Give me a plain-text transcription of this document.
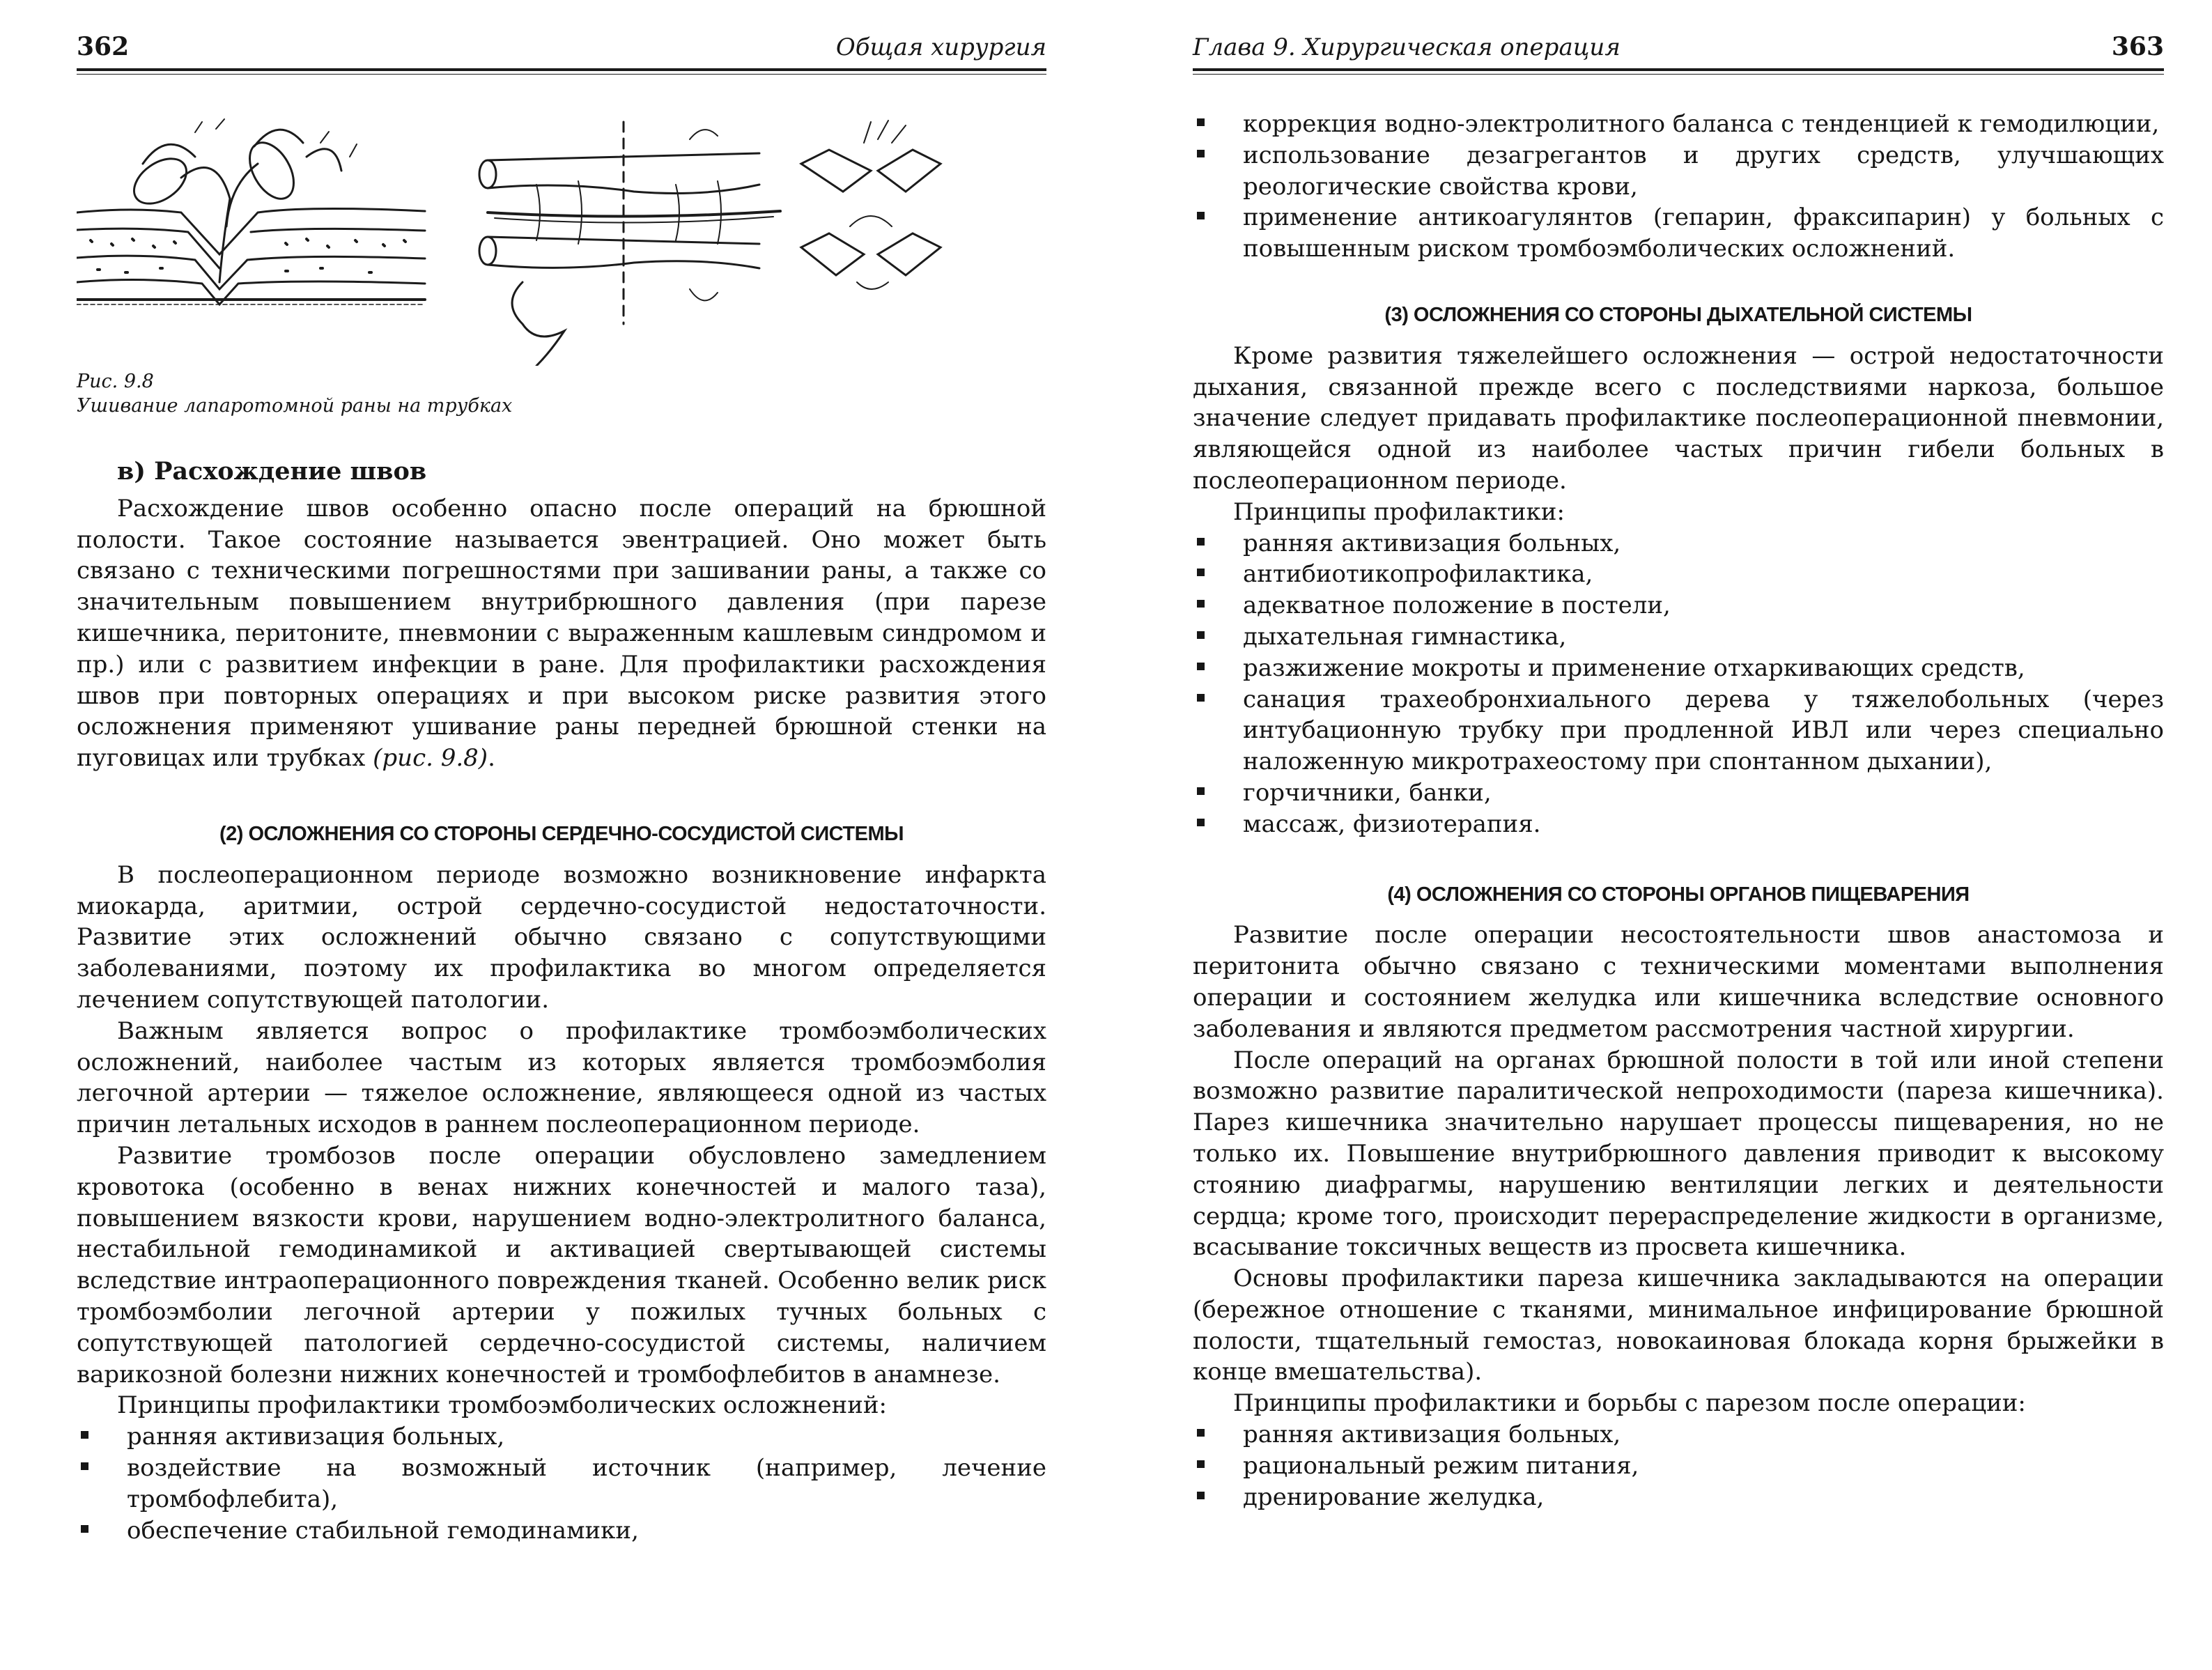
362	Общая хирургия
Рис. 9.8
Ушивание лапаротомной раны на трубках
в) Расхождение швов

Расхождение швов особенно опасно после операций на брюшной полости. Такое состояние называется эвентрацией. Оно может быть связано с техническими погрешностями при зашивании раны, а также со значительным повышением внутрибрюшного давления (при парезе кишечника, перитоните, пневмонии с выраженным кашлевым синдромом и пр.) или с развитием инфекции в ране. Для профилактики расхождения швов при повторных операциях и при высоком риске развития этого осложнения применяют ушивание раны передней брюшной стенки на пуговицах или трубках (рис. 9.8).

(2) ОСЛОЖНЕНИЯ СО СТОРОНЫ СЕРДЕЧНО-СОСУДИСТОЙ СИСТЕМЫ

В послеоперационном периоде возможно возникновение инфаркта миокарда, аритмии, острой сердечно-сосудистой недостаточности. Развитие этих осложнений обычно связано с сопутствующими заболеваниями, поэтому их профилактика во многом определяется лечением сопутствующей патологии.

Важным является вопрос о профилактике тромбоэмболических осложнений, наиболее частым из которых является тромбоэмболия легочной артерии — тяжелое осложнение, являющееся одной из частых причин летальных исходов в раннем послеоперационном периоде.

Развитие тромбозов после операции обусловлено замедлением кровотока (особенно в венах нижних конечностей и малого таза), повышением вязкости крови, нарушением водно-электролитного баланса, нестабильной гемодинамикой и активацией свертывающей системы вследствие интраоперационного повреждения тканей. Особенно велик риск тромбоэмболии легочной артерии у пожилых тучных больных с сопутствующей патологией сердечно-сосудистой системы, наличием варикозной болезни нижних конечностей и тромбофлебитов в анамнезе.

Принципы профилактики тромбоэмболических осложнений:

ранняя активизация больных,
воздействие на возможный источник (например, лечение тромбофлебита),
обеспечение стабильной гемодинамики,
Глава 9. Хирургическая операция	363
коррекция водно-электролитного баланса с тенденцией к гемодилюции,
использование дезагрегантов и других средств, улучшающих реологические свойства крови,
применение антикоагулянтов (гепарин, фраксипарин) у больных с повышенным риском тромбоэмболических осложнений.
(3) ОСЛОЖНЕНИЯ СО СТОРОНЫ ДЫХАТЕЛЬНОЙ СИСТЕМЫ

Кроме развития тяжелейшего осложнения — острой недостаточности дыхания, связанной прежде всего с последствиями наркоза, большое значение следует придавать профилактике послеоперационной пневмонии, являющейся одной из наиболее частых причин гибели больных в послеоперационном периоде.

Принципы профилактики:

ранняя активизация больных,
антибиотикопрофилактика,
адекватное положение в постели,
дыхательная гимнастика,
разжижение мокроты и применение отхаркивающих средств,
санация трахеобронхиального дерева у тяжелобольных (через интубационную трубку при продленной ИВЛ или через специально наложенную микротрахеостому при спонтанном дыхании),
горчичники, банки,
массаж, физиотерапия.
(4) ОСЛОЖНЕНИЯ СО СТОРОНЫ ОРГАНОВ ПИЩЕВАРЕНИЯ

Развитие после операции несостоятельности швов анастомоза и перитонита обычно связано с техническими моментами выполнения операции и состоянием желудка или кишечника вследствие основного заболевания и являются предметом рассмотрения частной хирургии.

После операций на органах брюшной полости в той или иной степени возможно развитие паралитической непроходимости (пареза кишечника). Парез кишечника значительно нарушает процессы пищеварения, но не только их. Повышение внутрибрюшного давления приводит к высокому стоянию диафрагмы, нарушению вентиляции легких и деятельности сердца; кроме того, происходит перераспределение жидкости в организме, всасывание токсичных веществ из просвета кишечника.

Основы профилактики пареза кишечника закладываются на операции (бережное отношение с тканями, минимальное инфицирование брюшной полости, тщательный гемостаз, новокаиновая блокада корня брыжейки в конце вмешательства).

Принципы профилактики и борьбы с парезом после операции:

ранняя активизация больных,
рациональный режим питания,
дренирование желудка,
